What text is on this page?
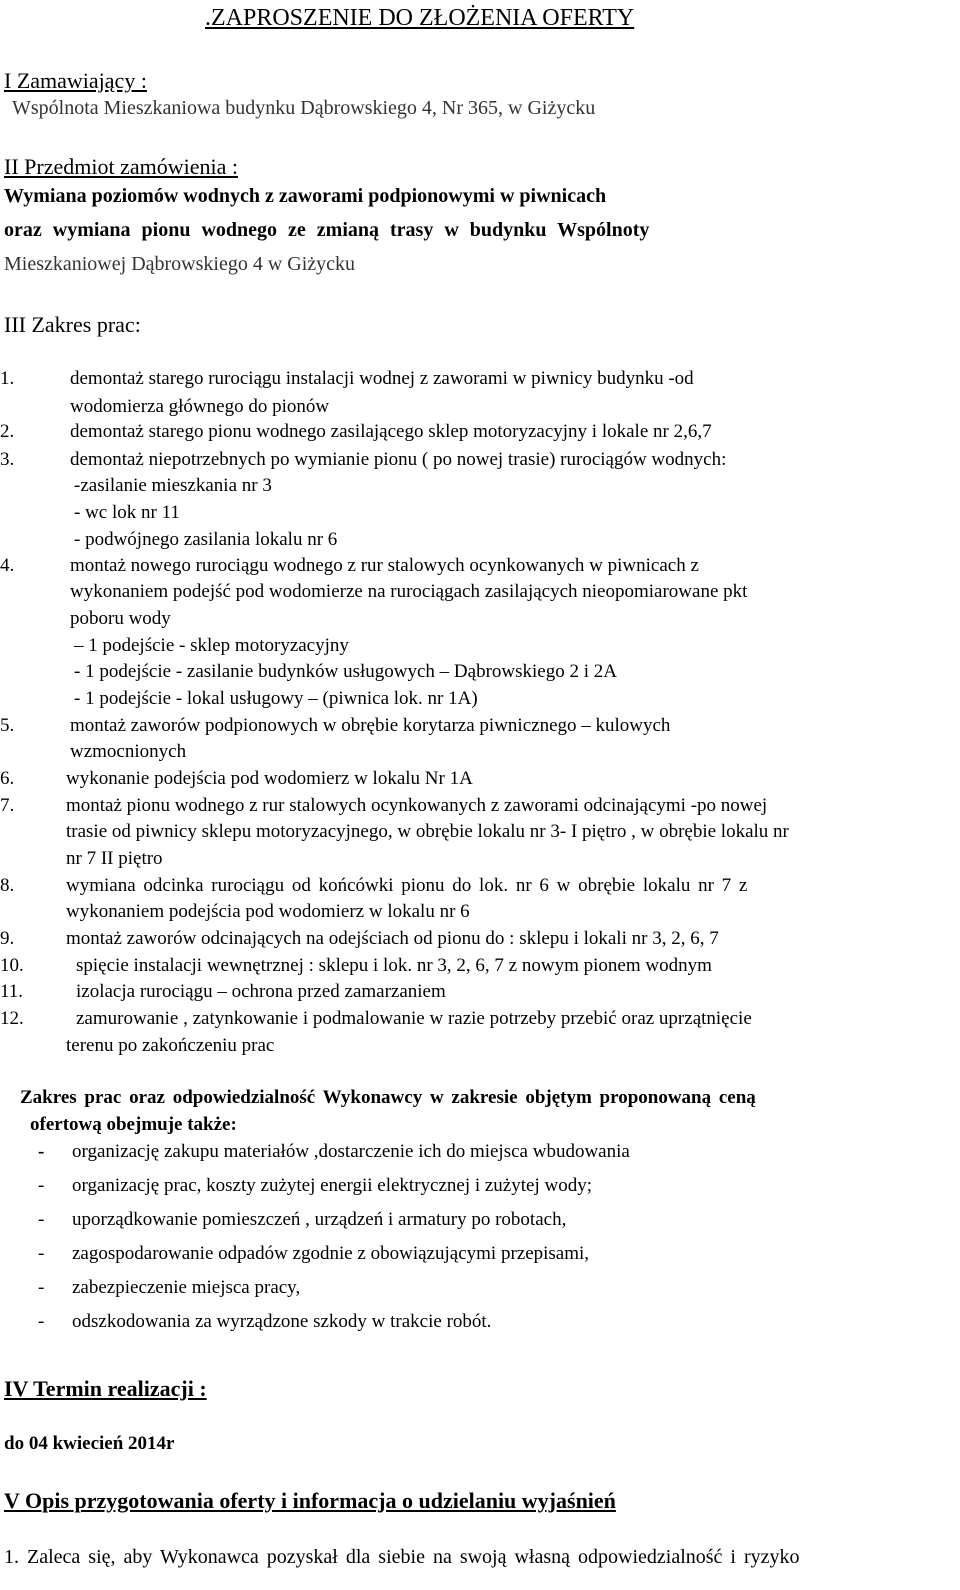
.ZAPROSZENIE DO ZŁOŻENIA OFERTY
I Zamawiający :
Wspólnota Mieszkaniowa budynku Dąbrowskiego 4, Nr 365, w Giżycku
II Przedmiot zamówienia :
Wymiana poziomów wodnych z zaworami podpionowymi w piwnicach
oraz wymiana pionu wodnego ze zmianą trasy w budynku Wspólnoty
Mieszkaniowej Dąbrowskiego 4 w Giżycku
III Zakres prac:
1.	demontaż starego rurociągu instalacji wodnej z zaworami w piwnicy budynku -od
wodomierza głównego do pionów
2.	demontaż starego pionu wodnego zasilającego sklep motoryzacyjny i lokale nr 2,6,7
3.	demontaż niepotrzebnych po wymianie pionu ( po nowej trasie) rurociągów wodnych:
-zasilanie mieszkania nr 3
- wc lok nr 11
- podwójnego zasilania lokalu nr 6
4.	montaż nowego rurociągu wodnego z rur stalowych ocynkowanych w piwnicach z
wykonaniem podejść pod wodomierze na rurociągach zasilających nieopomiarowane pkt
poboru wody
– 1 podejście - sklep motoryzacyjny
- 1 podejście - zasilanie budynków usługowych – Dąbrowskiego 2 i 2A
- 1 podejście - lokal usługowy – (piwnica lok. nr 1A)
5.	montaż zaworów podpionowych w obrębie korytarza piwnicznego – kulowych
wzmocnionych
6.	wykonanie podejścia pod wodomierz w lokalu Nr 1A
7.	montaż pionu wodnego z rur stalowych ocynkowanych z zaworami odcinającymi -po nowej
trasie od piwnicy sklepu motoryzacyjnego, w obrębie lokalu nr 3- I piętro , w obrębie lokalu nr
nr 7 II piętro
8.	wymiana odcinka rurociągu od końcówki pionu do lok. nr 6 w obrębie lokalu nr 7 z
wykonaniem podejścia pod wodomierz w lokalu nr 6
9.	montaż zaworów odcinających na odejściach od pionu do : sklepu i lokali nr 3, 2, 6, 7
10.	spięcie instalacji wewnętrznej : sklepu i lok. nr 3, 2, 6, 7 z nowym pionem wodnym
11.	izolacja rurociągu – ochrona przed zamarzaniem
12.	zamurowanie , zatynkowanie i podmalowanie w razie potrzeby przebić oraz uprzątnięcie
terenu po zakończeniu prac
Zakres prac oraz odpowiedzialność Wykonawcy w zakresie objętym proponowaną ceną
ofertową obejmuje także:
- organizację zakupu materiałów ,dostarczenie ich do miejsca wbudowania
- organizację prac, koszty zużytej energii elektrycznej i zużytej wody;
- uporządkowanie pomieszczeń , urządzeń i armatury po robotach,
- zagospodarowanie odpadów zgodnie z obowiązującymi przepisami,
- zabezpieczenie miejsca pracy,
- odszkodowania za wyrządzone szkody w trakcie robót.
IV Termin realizacji :
do 04 kwiecień 2014r
V Opis przygotowania oferty i informacja o udzielaniu wyjaśnień
1. Zaleca się, aby Wykonawca pozyskał dla siebie na swoją własną odpowiedzialność i ryzyko
